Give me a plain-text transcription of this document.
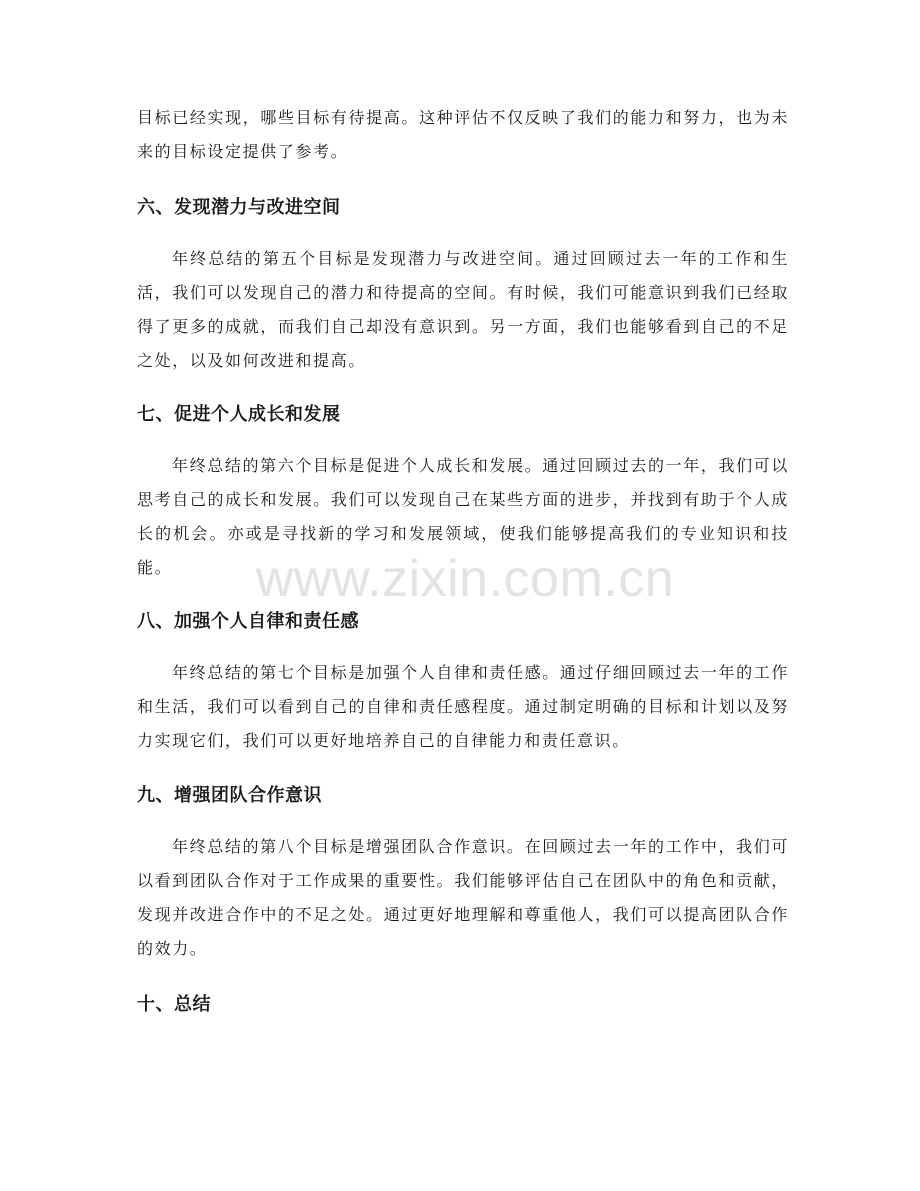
目标已经实现，哪些目标有待提高。这种评估不仅反映了我们的能力和努力，也为未来的目标设定提供了参考。

六、发现潜力与改进空间

年终总结的第五个目标是发现潜力与改进空间。通过回顾过去一年的工作和生活，我们可以发现自己的潜力和待提高的空间。有时候，我们可能意识到我们已经取得了更多的成就，而我们自己却没有意识到。另一方面，我们也能够看到自己的不足之处，以及如何改进和提高。

七、促进个人成长和发展

年终总结的第六个目标是促进个人成长和发展。通过回顾过去的一年，我们可以思考自己的成长和发展。我们可以发现自己在某些方面的进步，并找到有助于个人成长的机会。亦或是寻找新的学习和发展领域，使我们能够提高我们的专业知识和技能。

八、加强个人自律和责任感

年终总结的第七个目标是加强个人自律和责任感。通过仔细回顾过去一年的工作和生活，我们可以看到自己的自律和责任感程度。通过制定明确的目标和计划以及努力实现它们，我们可以更好地培养自己的自律能力和责任意识。

九、增强团队合作意识

年终总结的第八个目标是增强团队合作意识。在回顾过去一年的工作中，我们可以看到团队合作对于工作成果的重要性。我们能够评估自己在团队中的角色和贡献，发现并改进合作中的不足之处。通过更好地理解和尊重他人，我们可以提高团队合作的效力。

十、总结
www.zixin.com.cn
